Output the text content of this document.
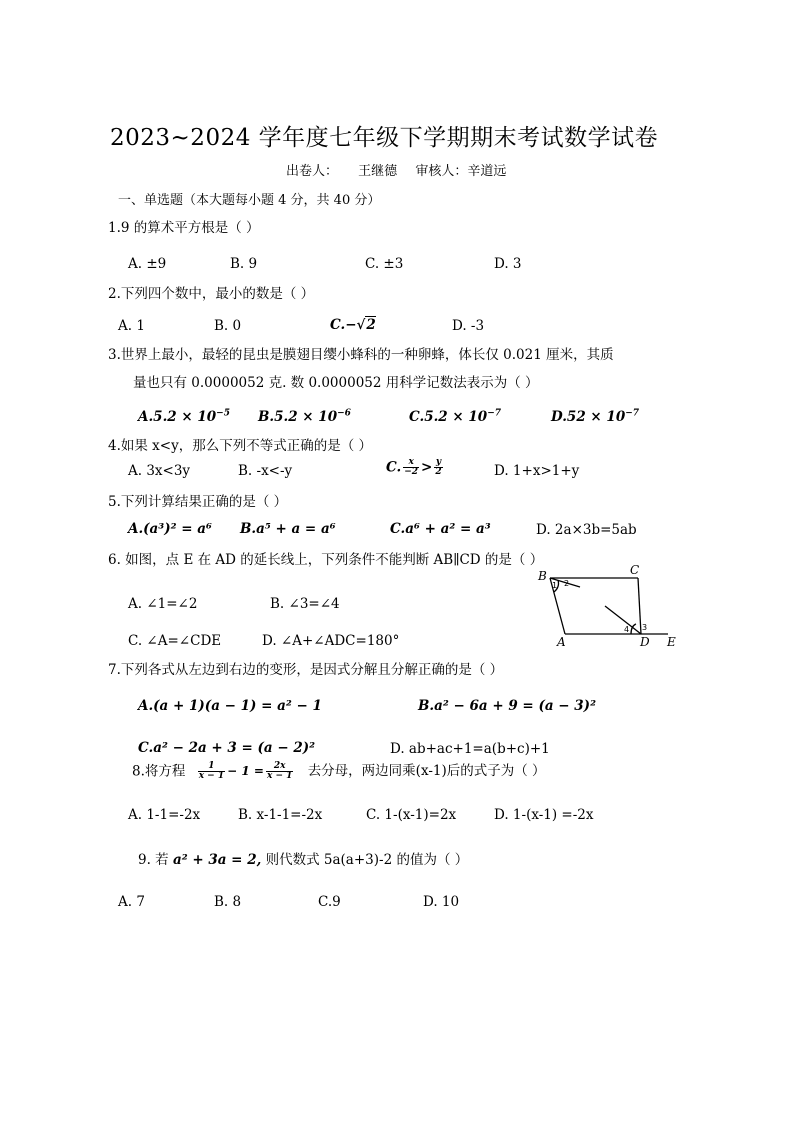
2023~2024 学年度七年级下学期期末考试数学试卷
出卷人： 王继德 审核人：辛道远
一、单选题（本大题每小题 4 分，共 40 分）
1.9 的算术平方根是（ ）
A. ±9	B. 9	C. ±3	D. 3
2.下列四个数中，最小的数是（ ）
A. 1	B. 0	C.−√2	D. -3
3.世界上最小，最轻的昆虫是膜翅目缨小蜂科的一种卵蜂，体长仅 0.021 厘米，其质
量也只有 0.0000052 克. 数 0.0000052 用科学记数法表示为（ ）
$A.5.2 \times 10^{-5}$ $B.5.2 \times 10^{-6}$	$C.5.2 \times 10^{-7}$	$D.52 \times 10^{-7}$
4.如果 x<y，那么下列不等式正确的是（ ）
A. 3x<3y	B. -x<-y	C. $\frac{x}{-2} > \frac{y}{2}$	D. 1+x>1+y
5.下列计算结果正确的是（ ）
A.(a³)² = a⁶ B.a⁵ + a = a⁶	C.a⁶ + a² = a³	D. 2a×3b=5ab
6. 如图，点 E 在 AD 的延长线上，下列条件不能判断 AB∥CD 的是（ ）
A. ∠1=∠2	B. ∠3=∠4
C. ∠A=∠CDE	D. ∠A+∠ADC=180°
B	C
A	D E
1 2
3
4
7.下列各式从左边到右边的变形，是因式分解且分解正确的是（ ）
A.(a + 1)(a − 1) = a² − 1	B.a² − 6a + 9 = (a − 3)²
C.a² − 2a + 3 = (a − 2)²	D. ab+ac+1=a(b+c)+1
8.将方程 $\frac{1}{x - 1} - 1 = \frac{2x}{x - 1}$ 去分母，两边同乘(x-1)后的式子为（ ）
A. 1-1=-2x	B. x-1-1=-2x	C. 1-(x-1)=2x	D. 1-(x-1) =-2x
9. 若 a² + 3a = 2, 则代数式 5a(a+3)-2 的值为（ ）
A. 7	B. 8	C.9	D. 10
